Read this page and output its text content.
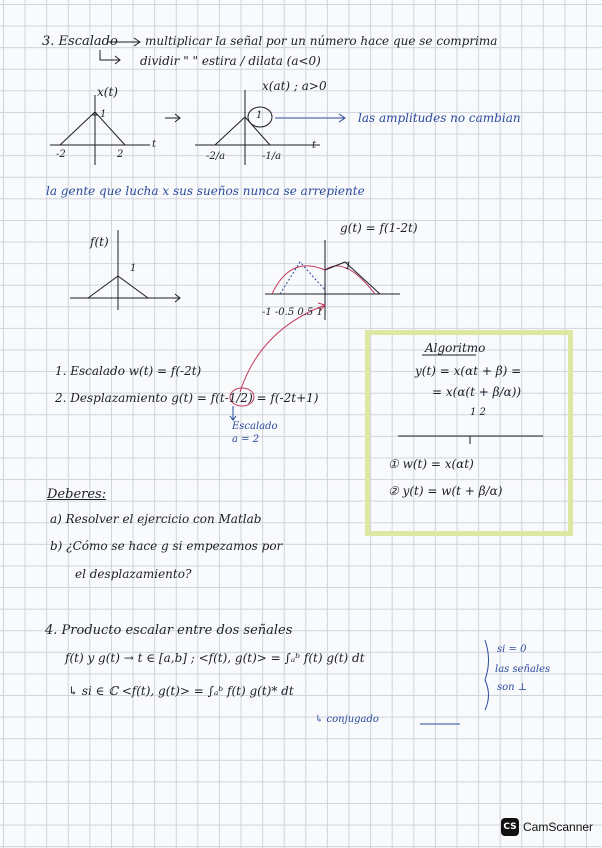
3. Escalado multiplicar la señal por un número hace que se comprima
dividir " " estira / dilata (a<0)
x(t)
1
-2	2
t
x(at) ; a>0
1
-2/a	-1/a
t
las amplitudes no cambian
la gente que lucha x sus sueños nunca se arrepiente
f(t)
1
g(t) = f(1-2t)
-1 -0.5 0.5 1
1
1. Escalado w(t) = f(-2t)
2. Desplazamiento g(t) = f(t-1/2) = f(-2t+1)
Escalado
a = 2
Algoritmo
y(t) = x(αt + β) =
= x(α(t + β/α))
1 2
① w(t) = x(αt)
② y(t) = w(t + β/α)
Deberes:
a) Resolver el ejercicio con Matlab
b) ¿Cómo se hace g si empezamos por
el desplazamiento?
4. Producto escalar entre dos señales
f(t) y g(t) → t ∈ [a,b] ; <f(t), g(t)> = ∫ₐᵇ f(t) g(t) dt
↳ si ∈ ℂ <f(t), g(t)> = ∫ₐᵇ f(t) g(t)* dt
↳ conjugado
si = 0
las señales
son ⊥
CS CamScanner
